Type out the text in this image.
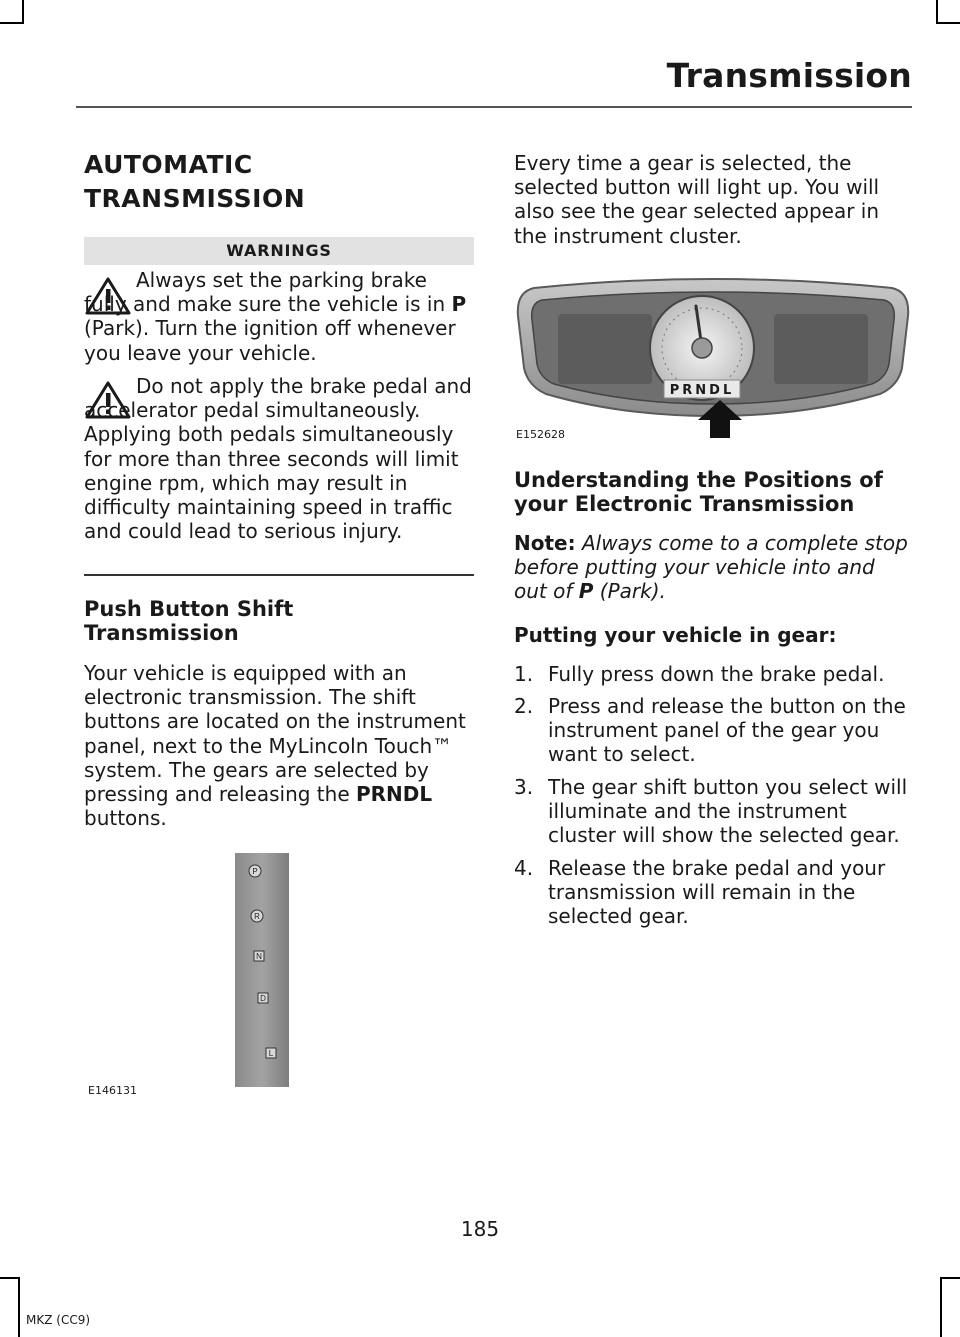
Transmission
AUTOMATIC
TRANSMISSION
WARNINGS
Always set the parking brake fully and make sure the vehicle is in P (Park). Turn the ignition off whenever you leave your vehicle.
Do not apply the brake pedal and accelerator pedal simultaneously. Applying both pedals simultaneously for more than three seconds will limit engine rpm, which may result in difficulty maintaining speed in traffic and could lead to serious injury.
Push Button Shift
Transmission
Your vehicle is equipped with an electronic transmission. The shift buttons are located on the instrument panel, next to the MyLincoln Touch™ system. The gears are selected by pressing and releasing the PRNDL buttons.
P
R
N
D
L
E146131
Every time a gear is selected, the selected button will light up. You will also see the gear selected appear in the instrument cluster.
PRNDL
E152628
Understanding the Positions of
your Electronic Transmission
Note: Always come to a complete stop before putting your vehicle into and out of P (Park).
Putting your vehicle in gear:
1. Fully press down the brake pedal.
2. Press and release the button on the instrument panel of the gear you want to select.
3. The gear shift button you select will illuminate and the instrument cluster will show the selected gear.
4. Release the brake pedal and your transmission will remain in the selected gear.
185
MKZ (CC9)
